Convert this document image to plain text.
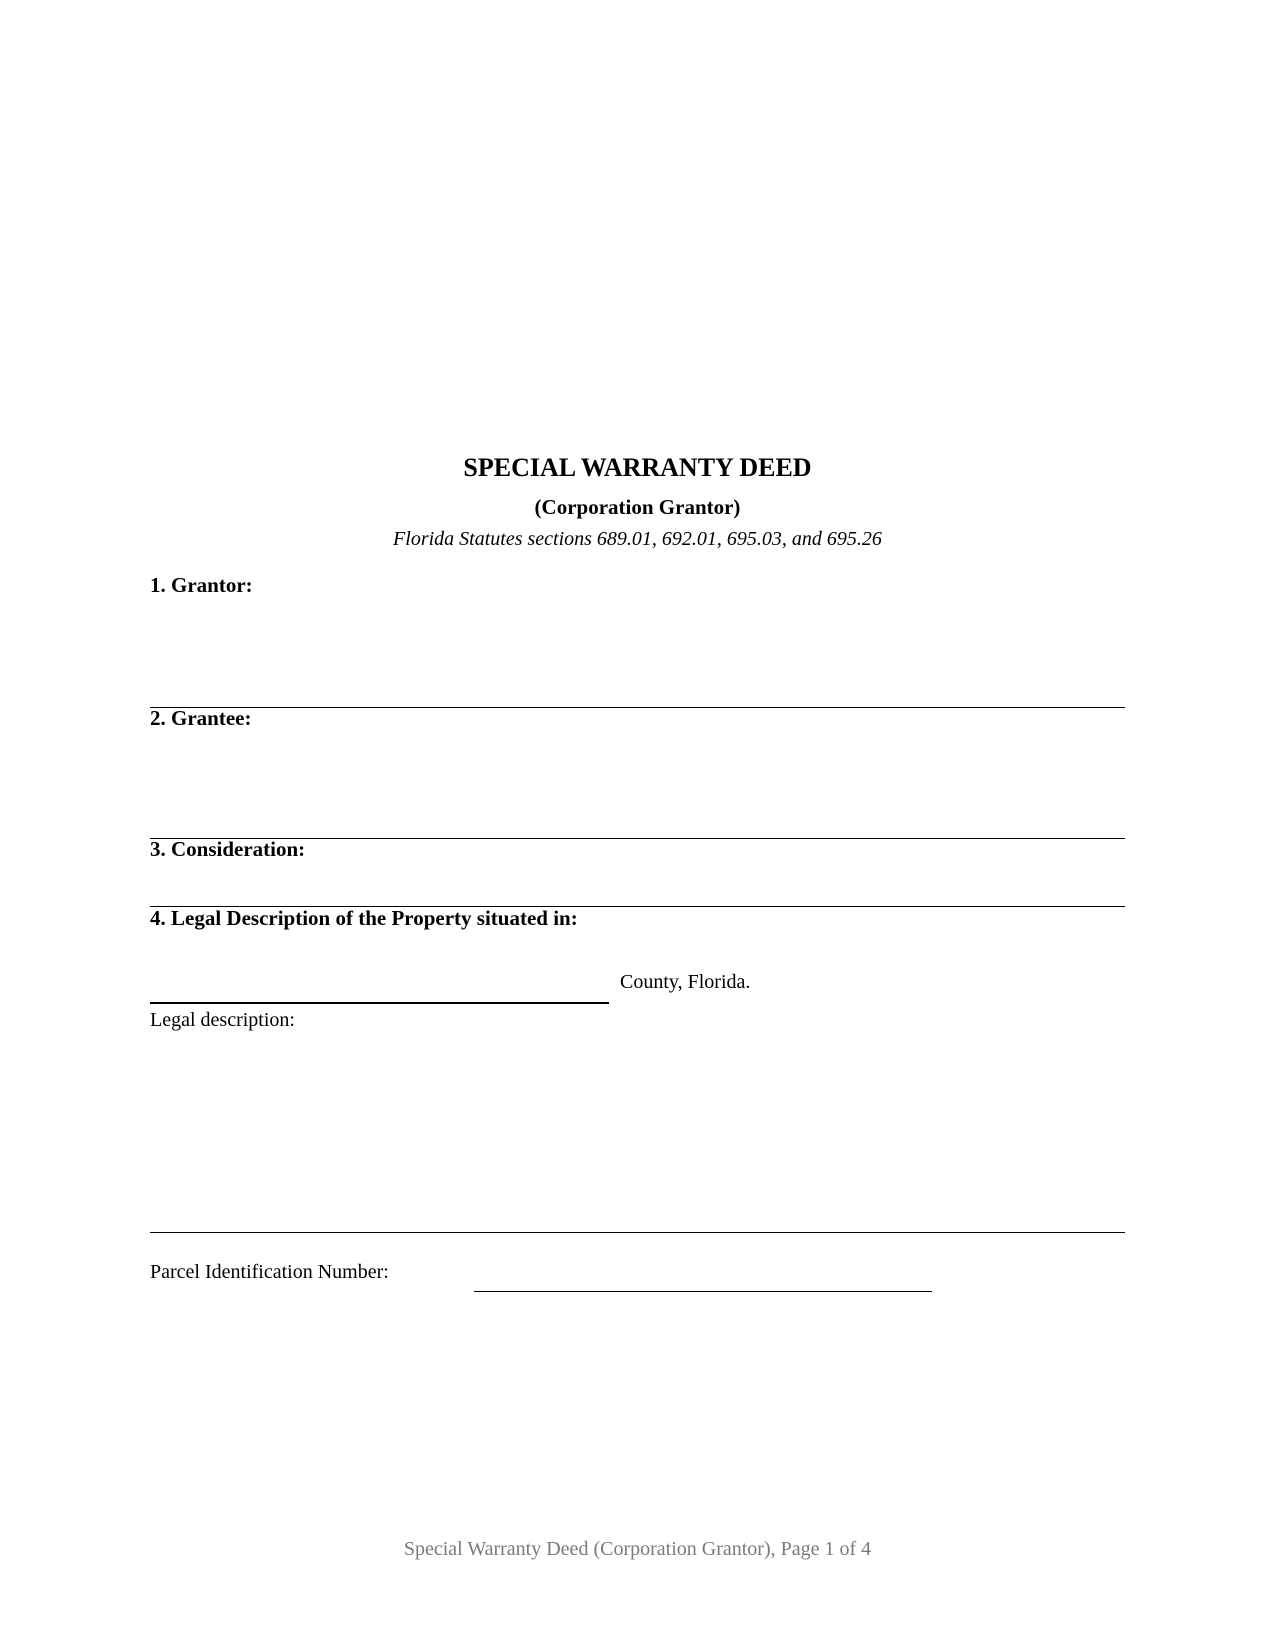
SPECIAL WARRANTY DEED
(Corporation Grantor)
Florida Statutes sections 689.01, 692.01, 695.03, and 695.26
1. Grantor:
2. Grantee:
3. Consideration:
4. Legal Description of the Property situated in:
County, Florida.
Legal description:
Parcel Identification Number:
Special Warranty Deed (Corporation Grantor), Page 1 of 4
